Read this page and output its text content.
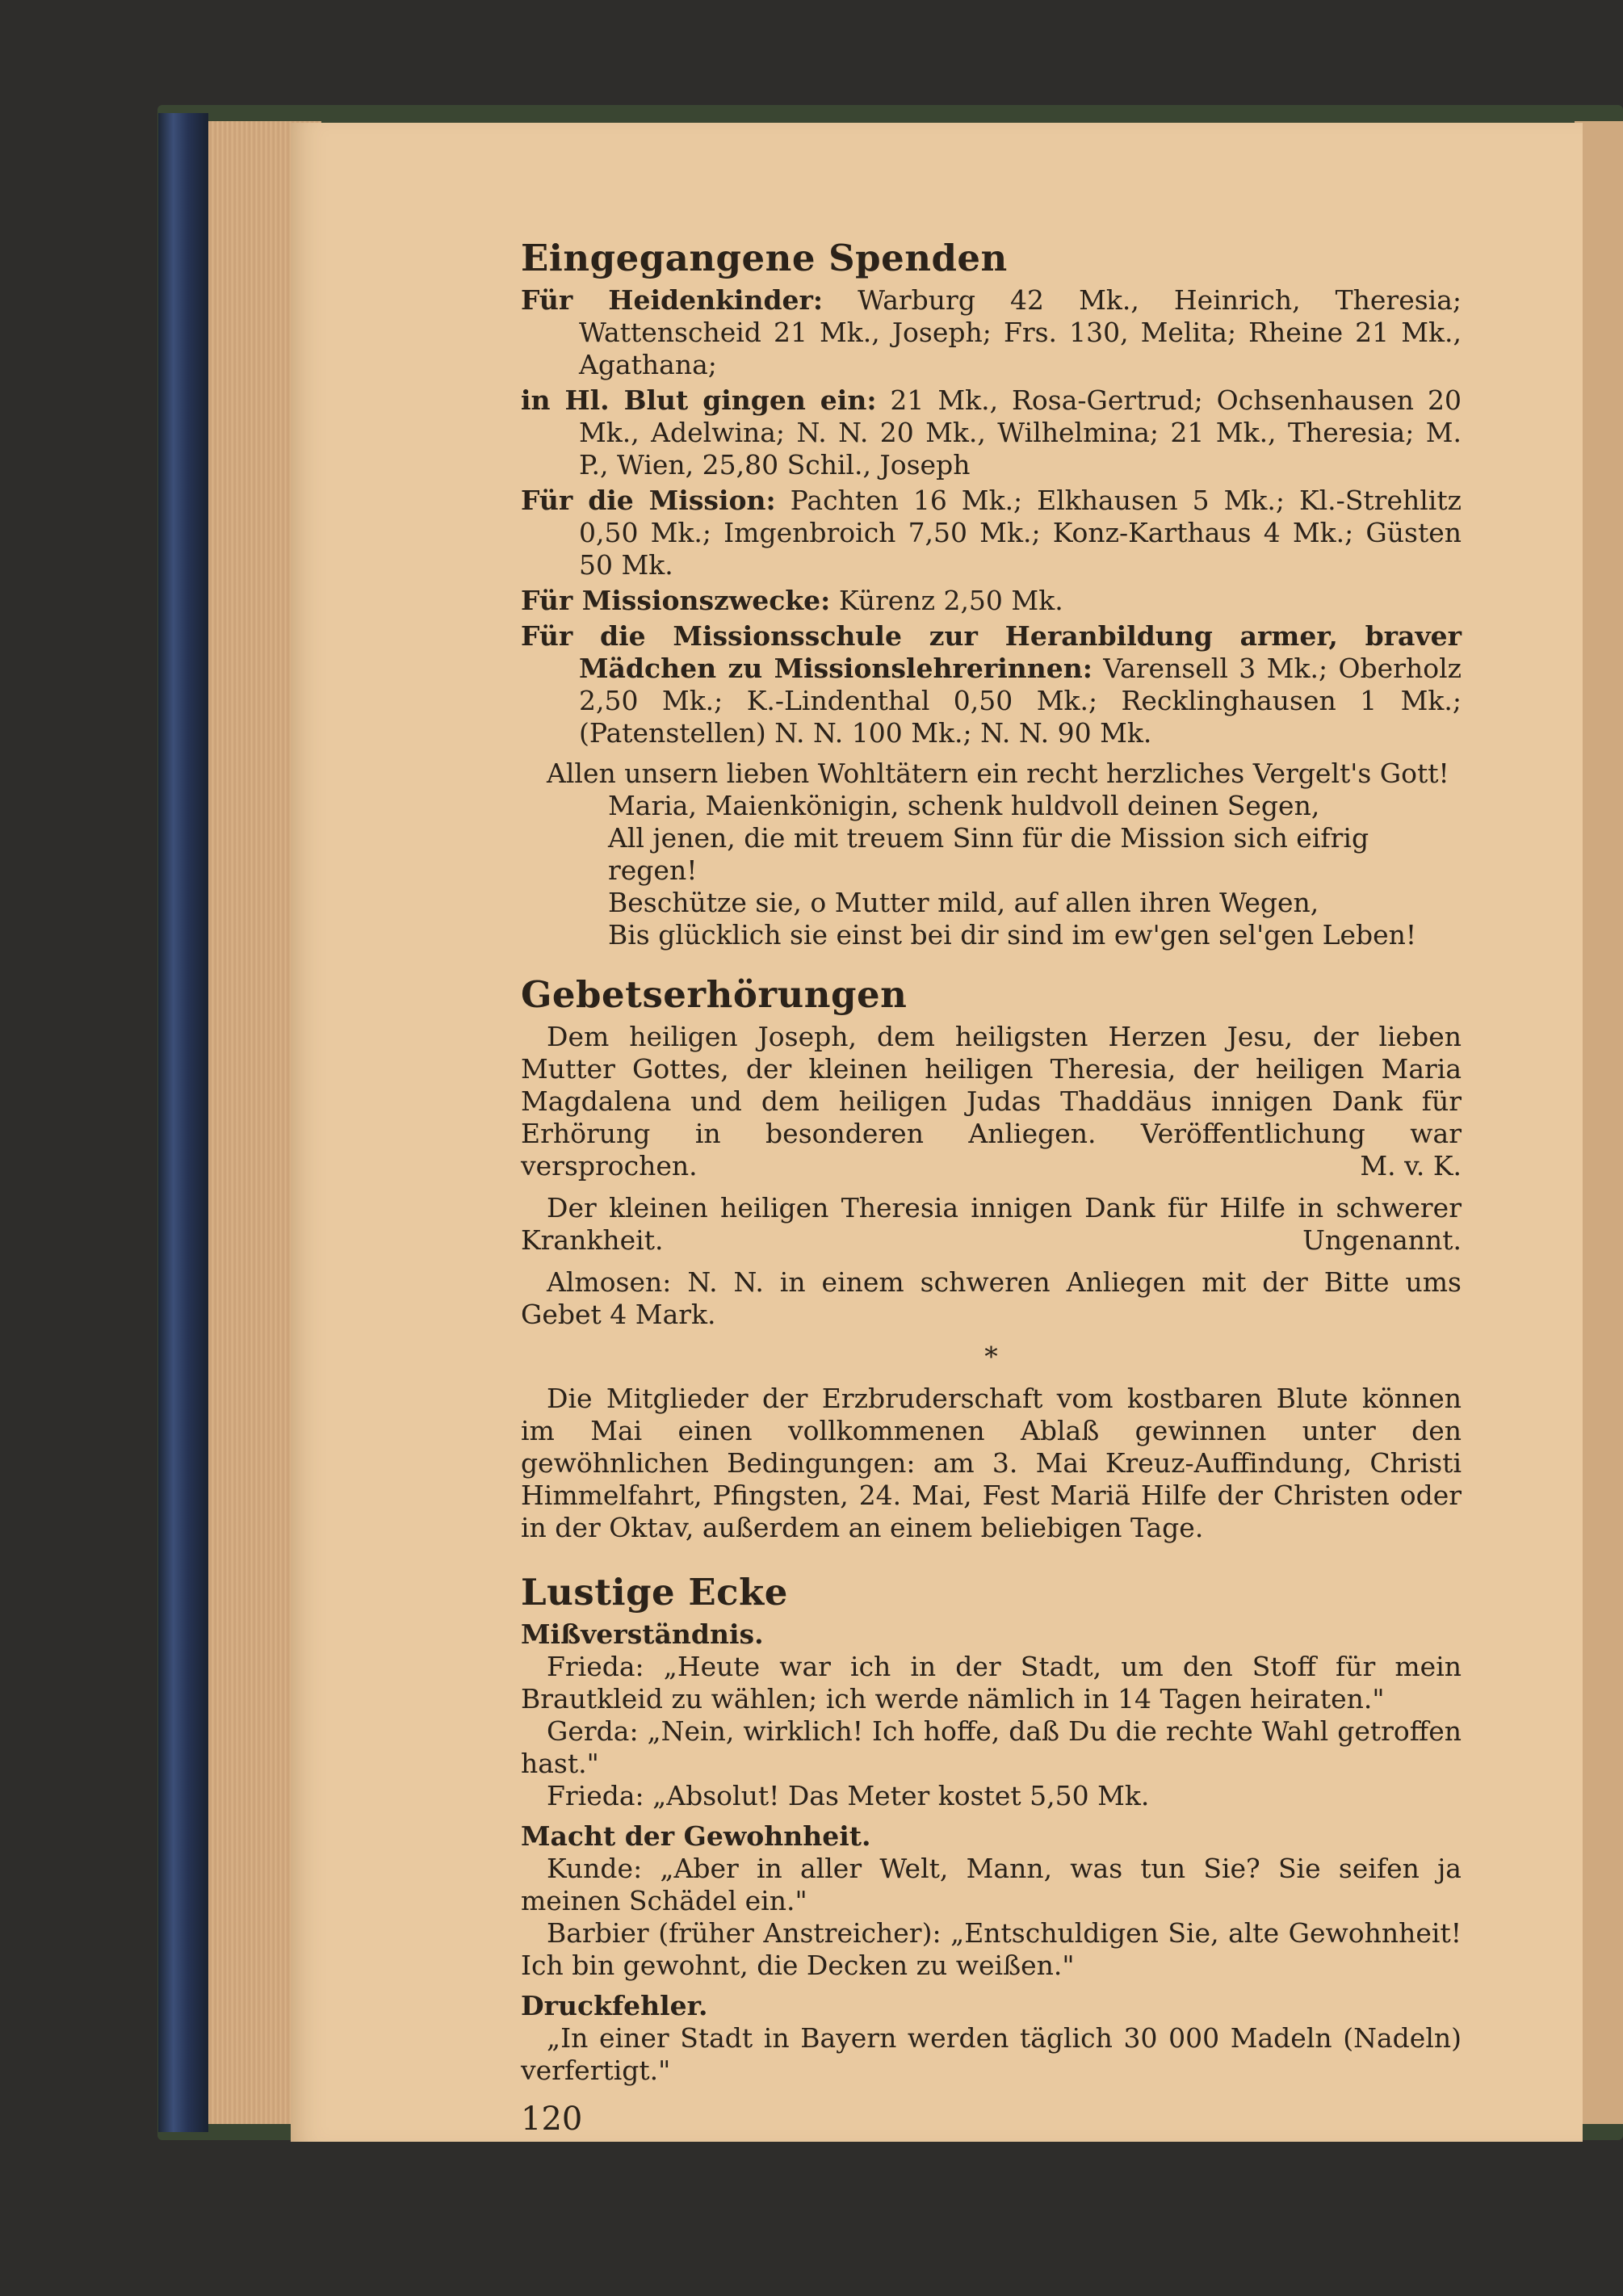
Eingegangene Spenden

Für Heidenkinder: Warburg 42 Mk., Heinrich, Theresia; Wattenscheid 21 Mk., Joseph; Frs. 130, Melita; Rheine 21 Mk., Agathana;

in Hl. Blut gingen ein: 21 Mk., Rosa-Gertrud; Ochsenhausen 20 Mk., Adelwina; N. N. 20 Mk., Wilhelmina; 21 Mk., Theresia; M. P., Wien, 25,80 Schil., Joseph

Für die Mission: Pachten 16 Mk.; Elkhausen 5 Mk.; Kl.-Strehlitz 0,50 Mk.; Imgenbroich 7,50 Mk.; Konz-Karthaus 4 Mk.; Güsten 50 Mk.

Für Missionszwecke: Kürenz 2,50 Mk.

Für die Missionsschule zur Heranbildung armer, braver Mädchen zu Missionslehrerinnen: Varensell 3 Mk.; Oberholz 2,50 Mk.; K.-Lindenthal 0,50 Mk.; Recklinghausen 1 Mk.; (Patenstellen) N. N. 100 Mk.; N. N. 90 Mk.

Allen unsern lieben Wohltätern ein recht herzliches Vergelt's Gott!

Maria, Maienkönigin, schenk huldvoll deinen Segen,

All jenen, die mit treuem Sinn für die Mission sich eifrig regen!

Beschütze sie, o Mutter mild, auf allen ihren Wegen,

Bis glücklich sie einst bei dir sind im ew'gen sel'gen Leben!

Gebetserhörungen

Dem heiligen Joseph, dem heiligsten Herzen Jesu, der lieben Mutter Gottes, der kleinen heiligen Theresia, der heiligen Maria Magdalena und dem heiligen Judas Thaddäus innigen Dank für Erhörung in besonderen Anliegen. Veröffentlichung war versprochen.	M. v. K.

Der kleinen heiligen Theresia innigen Dank für Hilfe in schwerer Krankheit.	Ungenannt.

Almosen: N. N. in einem schweren Anliegen mit der Bitte ums Gebet 4 Mark.

*

Die Mitglieder der Erzbruderschaft vom kostbaren Blute können im Mai einen vollkommenen Ablaß gewinnen unter den gewöhnlichen Bedingungen: am 3. Mai Kreuz-Auffindung, Christi Himmelfahrt, Pfingsten, 24. Mai, Fest Mariä Hilfe der Christen oder in der Oktav, außerdem an einem beliebigen Tage.

Lustige Ecke

Mißverständnis.

Frieda: „Heute war ich in der Stadt, um den Stoff für mein Brautkleid zu wählen; ich werde nämlich in 14 Tagen heiraten."

Gerda: „Nein, wirklich! Ich hoffe, daß Du die rechte Wahl getroffen hast."

Frieda: „Absolut! Das Meter kostet 5,50 Mk.

Macht der Gewohnheit.

Kunde: „Aber in aller Welt, Mann, was tun Sie? Sie seifen ja meinen Schädel ein."

Barbier (früher Anstreicher): „Entschuldigen Sie, alte Gewohnheit! Ich bin gewohnt, die Decken zu weißen."

Druckfehler.

„In einer Stadt in Bayern werden täglich 30 000 Madeln (Nadeln) verfertigt."

120
